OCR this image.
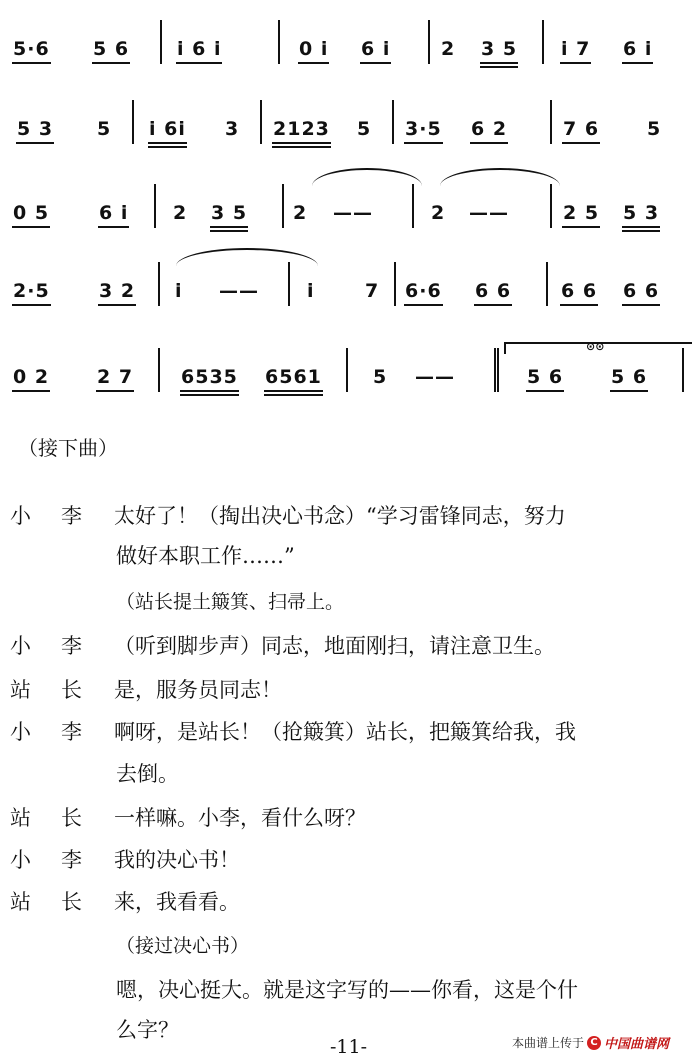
5·6 5 6	i 6 i	0 i 6 i	2 3 5 i 7 6 i
5 3 5 i 6i 3 2123 5 3·5 6 2	7 6	5
0 5	6 i 2 3 5 2 ——	2 ——	2 5 5 3
2·5	3 2 i ——	i	7 6·6 6 6	6 6 6 6
⊙⊙
0 2	2 7	6535 6561	5 ——	5 6	5 6
（接下曲）
小李 太好了！（掏出决心书念）“学习雷锋同志，努力
做好本职工作……”
（站长提土簸箕、扫帚上。
小李 （听到脚步声）同志，地面刚扫，请注意卫生。
站长 是，服务员同志！
小李 啊呀，是站长！（抢簸箕）站长，把簸箕给我，我
去倒。
站长 一样嘛。小李，看什么呀？
小李 我的决心书！
站长 来，我看看。
（接过决心书）
嗯，决心挺大。就是这字写的——你看，这是个什
么字？
-11-	本曲谱上传于 C 中国曲谱网
